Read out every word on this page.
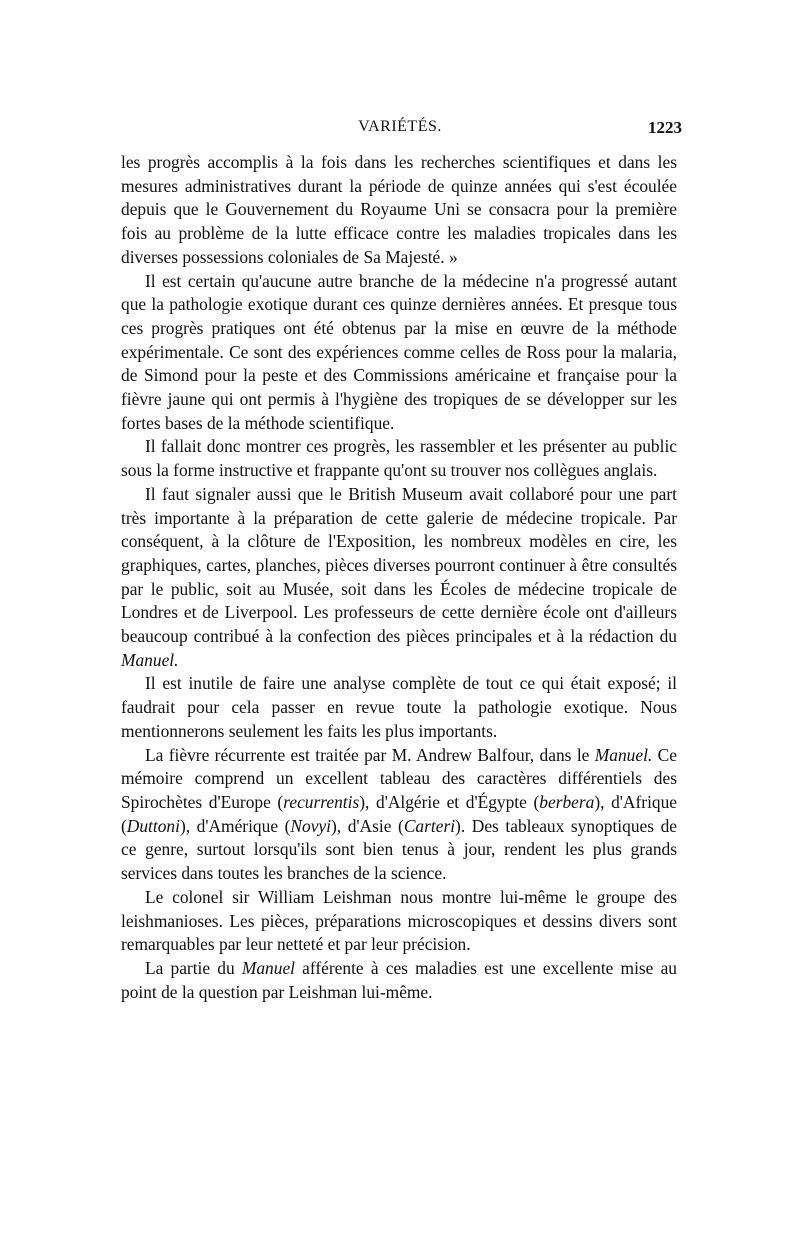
VARIÉTÉS.	1223

les progrès accomplis à la fois dans les recherches scientifiques et dans les mesures administratives durant la période de quinze années qui s'est écoulée depuis que le Gouvernement du Royaume Uni se consacra pour la première fois au problème de la lutte efficace contre les maladies tropicales dans les diverses possessions coloniales de Sa Majesté. »

Il est certain qu'aucune autre branche de la médecine n'a progressé autant que la pathologie exotique durant ces quinze dernières années. Et presque tous ces progrès pratiques ont été obtenus par la mise en œuvre de la méthode expérimentale. Ce sont des expériences comme celles de Ross pour la malaria, de Simond pour la peste et des Commissions américaine et française pour la fièvre jaune qui ont permis à l'hygiène des tropiques de se développer sur les fortes bases de la méthode scientifique.

Il fallait donc montrer ces progrès, les rassembler et les présenter au public sous la forme instructive et frappante qu'ont su trouver nos collègues anglais.

Il faut signaler aussi que le British Museum avait collaboré pour une part très importante à la préparation de cette galerie de médecine tropicale. Par conséquent, à la clôture de l'Exposition, les nombreux modèles en cire, les graphiques, cartes, planches, pièces diverses pourront continuer à être consultés par le public, soit au Musée, soit dans les Écoles de médecine tropicale de Londres et de Liverpool. Les professeurs de cette dernière école ont d'ailleurs beaucoup contribué à la confection des pièces principales et à la rédaction du Manuel.

Il est inutile de faire une analyse complète de tout ce qui était exposé; il faudrait pour cela passer en revue toute la pathologie exotique. Nous mentionnerons seulement les faits les plus importants.

La fièvre récurrente est traitée par M. Andrew Balfour, dans le Manuel. Ce mémoire comprend un excellent tableau des caractères différentiels des Spirochètes d'Europe (recurrentis), d'Algérie et d'Égypte (berbera), d'Afrique (Duttoni), d'Amérique (Novyi), d'Asie (Carteri). Des tableaux synoptiques de ce genre, surtout lorsqu'ils sont bien tenus à jour, rendent les plus grands services dans toutes les branches de la science.

Le colonel sir William Leishman nous montre lui-même le groupe des leishmanioses. Les pièces, préparations microscopiques et dessins divers sont remarquables par leur netteté et par leur précision.

La partie du Manuel afférente à ces maladies est une excellente mise au point de la question par Leishman lui-même.
